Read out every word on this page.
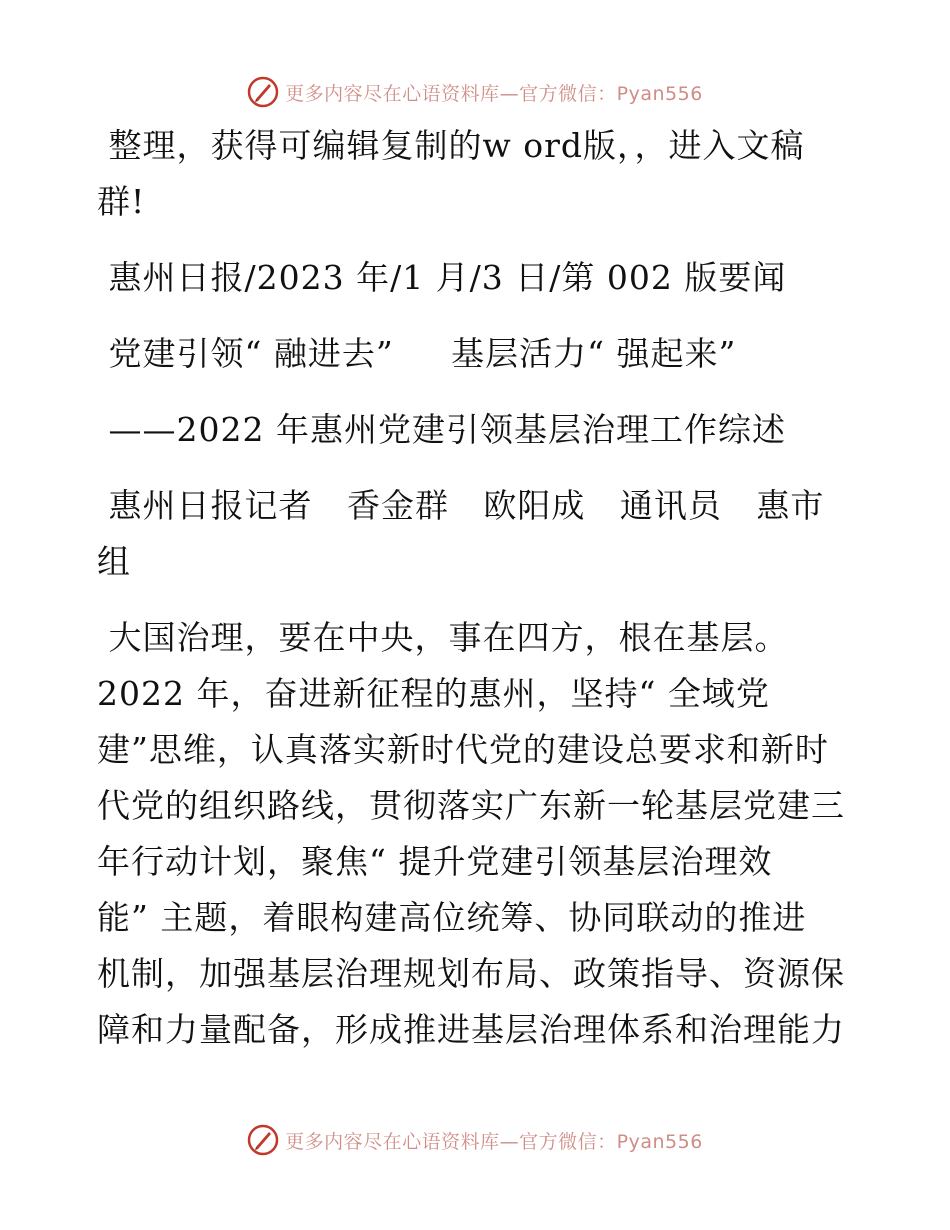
更多内容尽在心语资料库—官方微信：Pyan556
整理，获得可编辑复制的w ord版，，进入文稿
群!
惠州日报/2023 年/1 月/3 日/第 002 版要闻
党建引领“ 融进去”     基层活力“ 强起来”
——2022 年惠州党建引领基层治理工作综述
惠州日报记者   香金群   欧阳成   通讯员   惠市
组
大国治理，要在中央，事在四方，根在基层。
2022 年，奋进新征程的惠州，坚持“ 全域党
建”思维，认真落实新时代党的建设总要求和新时
代党的组织路线，贯彻落实广东新一轮基层党建三
年行动计划，聚焦“ 提升党建引领基层治理效
能” 主题，着眼构建高位统筹、协同联动的推进
机制，加强基层治理规划布局、政策指导、资源保
障和力量配备，形成推进基层治理体系和治理能力
更多内容尽在心语资料库—官方微信：Pyan556
